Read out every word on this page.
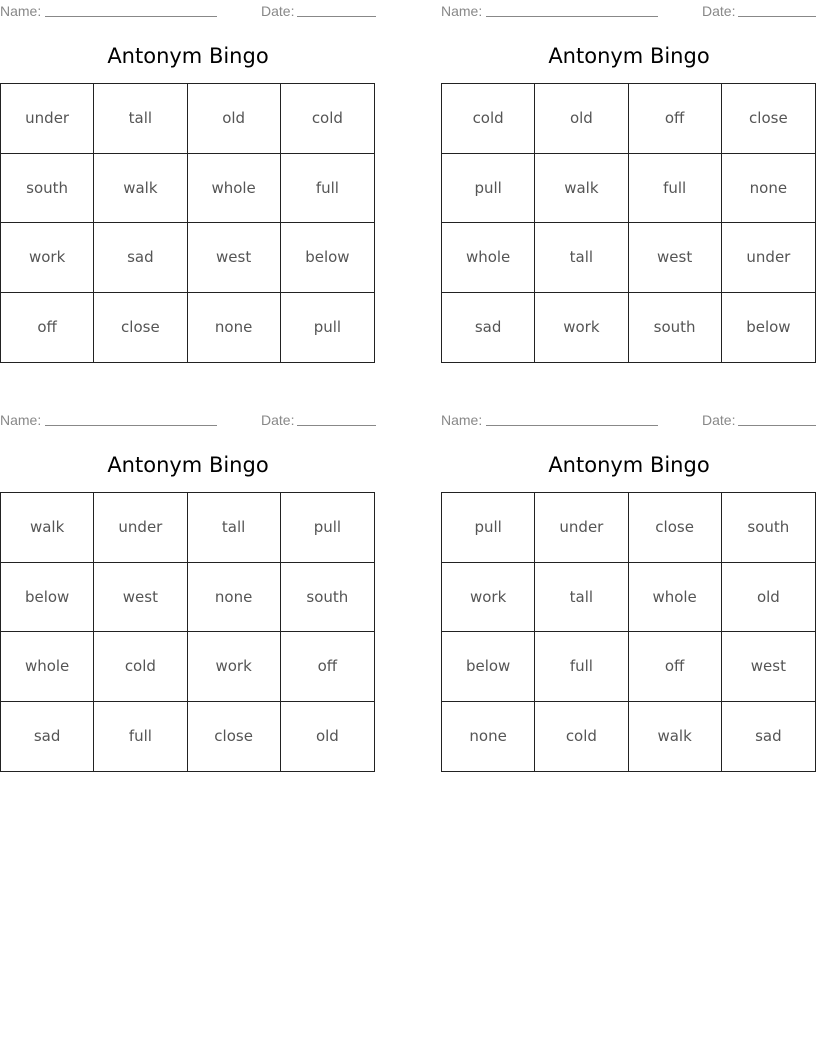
Name:	Date:
Antonym Bingo
under	tall	old	cold
south	walk	whole	full
work	sad	west	below
off	close	none	pull
Name:	Date:
Antonym Bingo
cold	old	off	close
pull	walk	full	none
whole	tall	west	under
sad	work	south	below
Name:	Date:
Antonym Bingo
walk	under	tall	pull
below	west	none	south
whole	cold	work	off
sad	full	close	old
Name:	Date:
Antonym Bingo
pull	under	close	south
work	tall	whole	old
below	full	off	west
none	cold	walk	sad
